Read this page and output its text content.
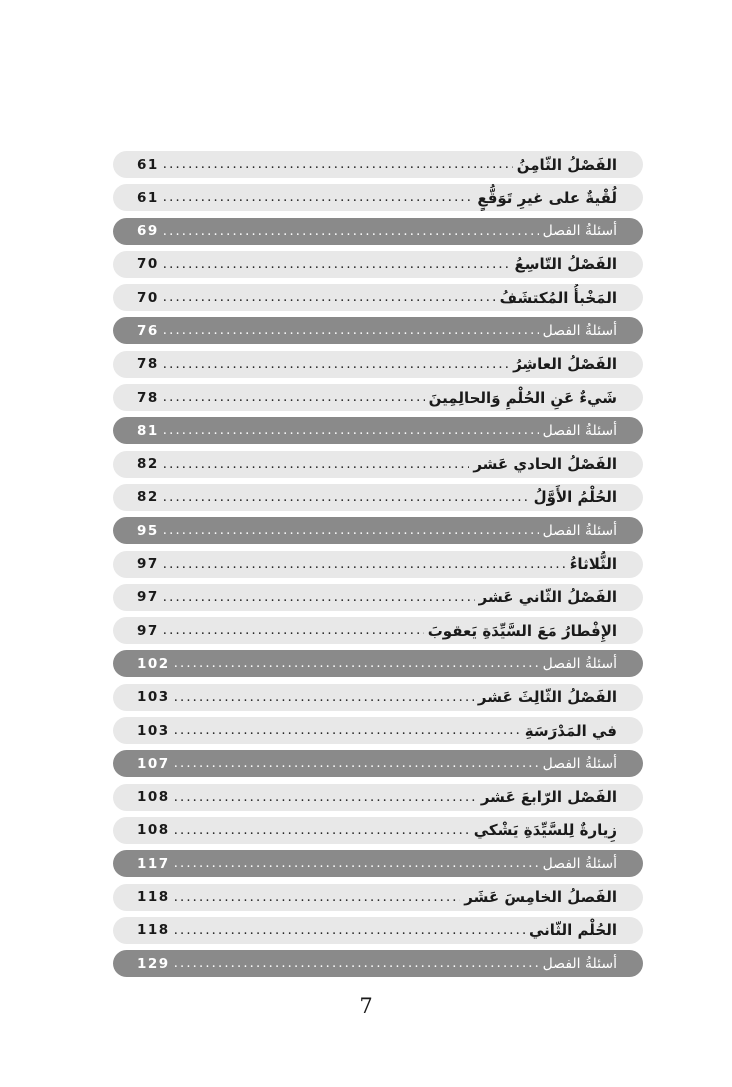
61 .....	الفَصْلُ الثّامِنُ
61 .....	لُقْيةٌ على غيرِ تَوَقُّعٍ
69 .....	أسئلةُ الفصل
70 .....	الفَصْلُ التّاسِعُ
70 .....	المَخْبأُ المُكتشَفُ
76 .....	أسئلةُ الفصل
78 .....	الفَصْلُ العاشِرُ
78 .....	شَيءٌ عَنِ الحُلْمِ وَالحالِمِينَ
81 .....	أسئلةُ الفصل
82 .....	الفَصْلُ الحادي عَشر
82 .....	الحُلْمُ الأَوَّلُ
95 .....	أسئلةُ الفصل
97 .....	الثُّلاثاءُ
97 .....	الفَصْلُ الثّاني عَشر
97 .....	الإِفْطارُ مَعَ السَّيِّدَةِ يَعقوبَ
102 .....	أسئلةُ الفصل
103 .....	الفَصْلُ الثّالِثَ عَشر
103 .....	في المَدْرَسَةِ
107 .....	أسئلةُ الفصل
108 .....	الفَصْل الرّابعَ عَشر
108 .....	زِيارةٌ لِلسَّيِّدَةِ يَشْكي
117 .....	أسئلةُ الفصل
118 .....	الفَصلُ الخامِسَ عَشَر
118 .....	الحُلْم الثّاني
129 .....	أسئلةُ الفصل
7
